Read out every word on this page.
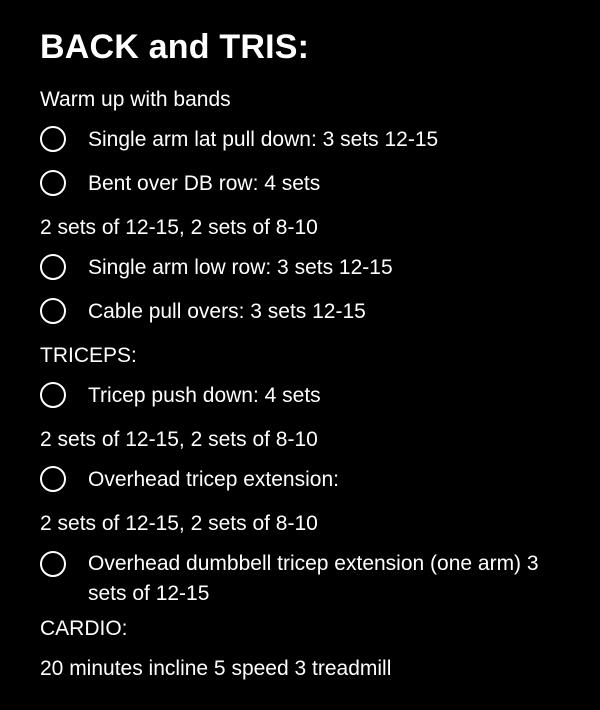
BACK and TRIS:
Warm up with bands
Single arm lat pull down: 3 sets 12-15
Bent over DB row: 4 sets
2 sets of 12-15, 2 sets of 8-10
Single arm low row: 3 sets 12-15
Cable pull overs: 3 sets 12-15
TRICEPS:
Tricep push down: 4 sets
2 sets of 12-15, 2 sets of 8-10
Overhead tricep extension:
2 sets of 12-15, 2 sets of 8-10
Overhead dumbbell tricep extension (one arm) 3 sets of 12-15
CARDIO:
20 minutes incline 5 speed 3 treadmill
